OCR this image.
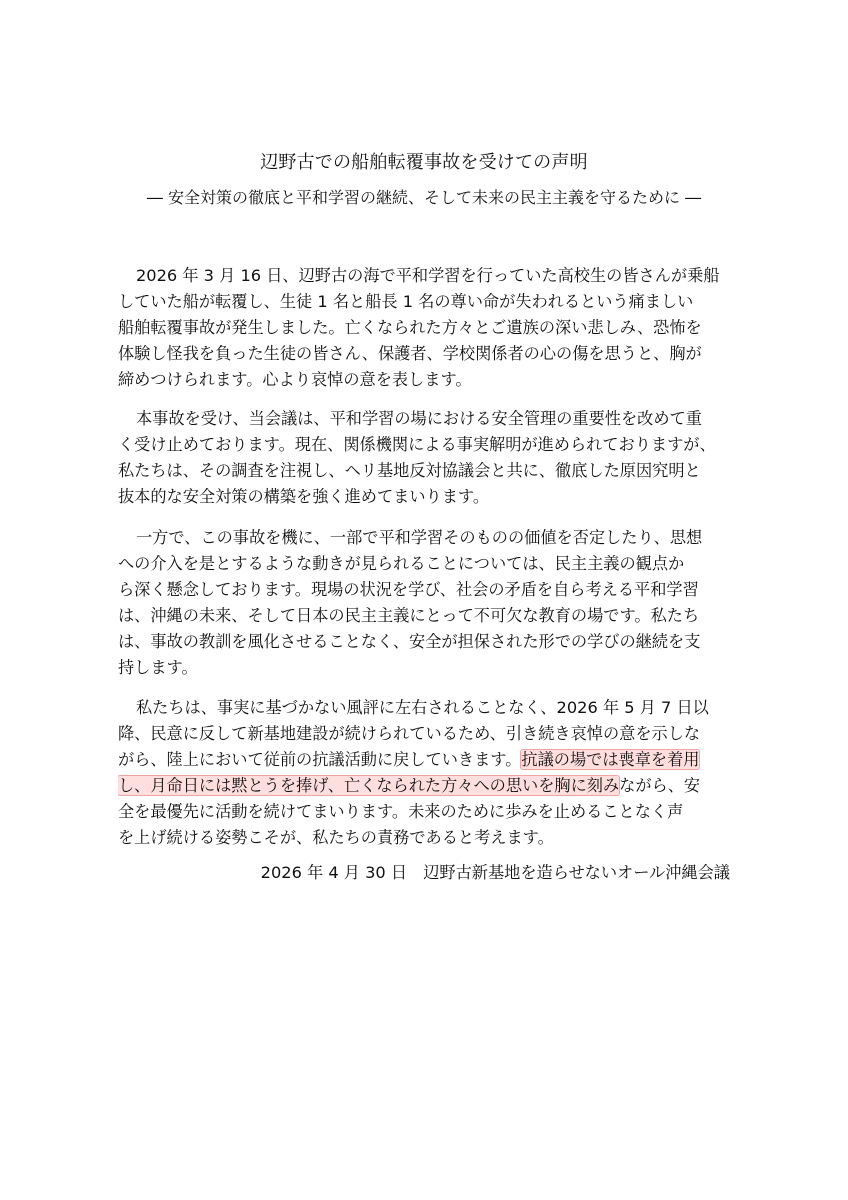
辺野古での船舶転覆事故を受けての声明
― 安全対策の徹底と平和学習の継続、そして未来の民主主義を守るために ―
2026 年 3 月 16 日、辺野古の海で平和学習を行っていた高校生の皆さんが乗船
していた船が転覆し、生徒 1 名と船長 1 名の尊い命が失われるという痛ましい
船舶転覆事故が発生しました。亡くなられた方々とご遺族の深い悲しみ、恐怖を
体験し怪我を負った生徒の皆さん、保護者、学校関係者の心の傷を思うと、胸が
締めつけられます。心より哀悼の意を表します。
本事故を受け、当会議は、平和学習の場における安全管理の重要性を改めて重
く受け止めております。現在、関係機関による事実解明が進められておりますが、
私たちは、その調査を注視し、ヘリ基地反対協議会と共に、徹底した原因究明と
抜本的な安全対策の構築を強く進めてまいります。
一方で、この事故を機に、一部で平和学習そのものの価値を否定したり、思想
への介入を是とするような動きが見られることについては、民主主義の観点か
ら深く懸念しております。現場の状況を学び、社会の矛盾を自ら考える平和学習
は、沖縄の未来、そして日本の民主主義にとって不可欠な教育の場です。私たち
は、事故の教訓を風化させることなく、安全が担保された形での学びの継続を支
持します。
私たちは、事実に基づかない風評に左右されることなく、2026 年 5 月 7 日以
降、民意に反して新基地建設が続けられているため、引き続き哀悼の意を示しな
がら、陸上において従前の抗議活動に戻していきます。抗議の場では喪章を着用
し、月命日には黙とうを捧げ、亡くなられた方々への思いを胸に刻みながら、安
全を最優先に活動を続けてまいります。未来のために歩みを止めることなく声
を上げ続ける姿勢こそが、私たちの責務であると考えます。
2026 年 4 月 30 日　辺野古新基地を造らせないオール沖縄会議
